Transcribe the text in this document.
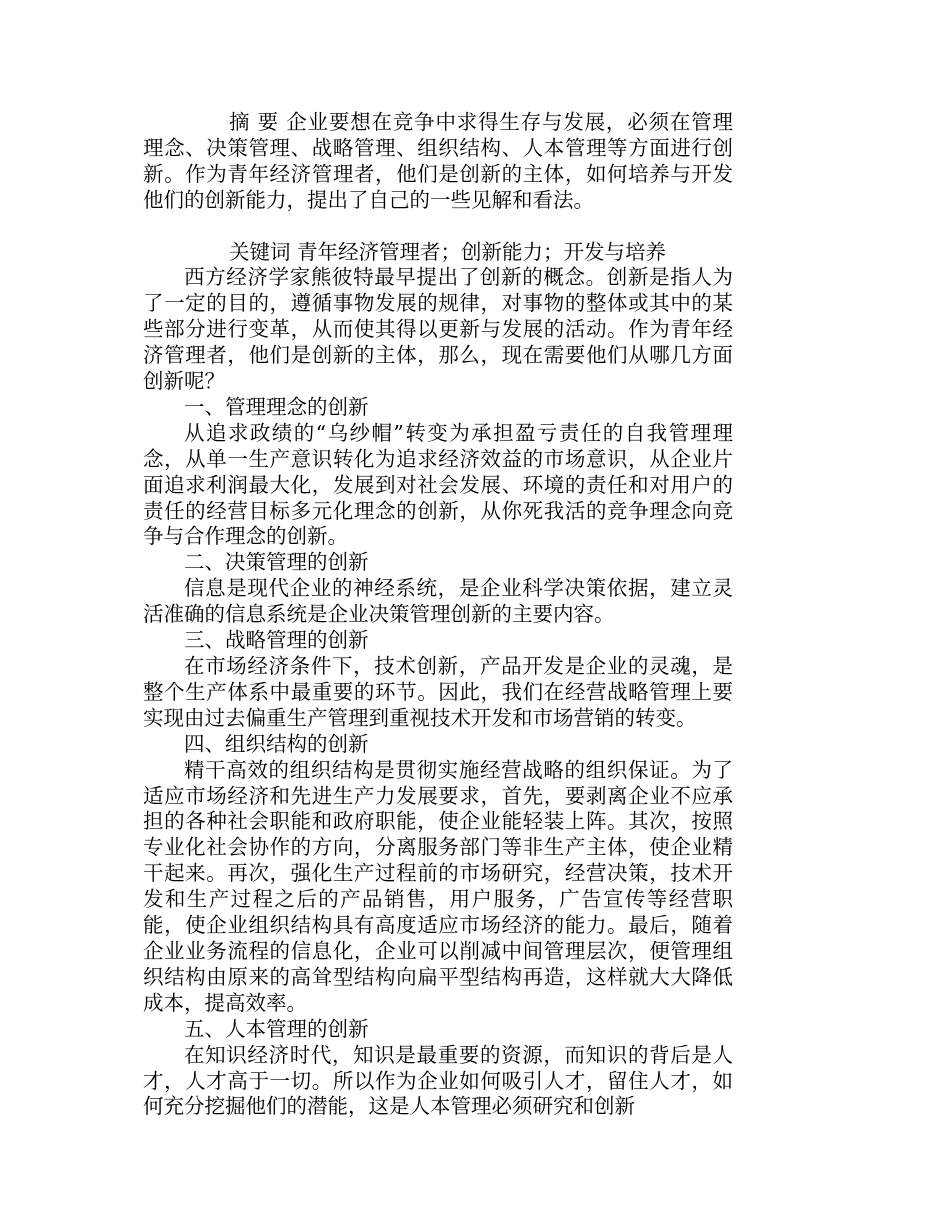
摘 要 企业要想在竞争中求得生存与发展，必须在管理理念、决策管理、战略管理、组织结构、人本管理等方面进行创新。作为青年经济管理者，他们是创新的主体，如何培养与开发他们的创新能力，提出了自己的一些见解和看法。

关键词 青年经济管理者；创新能力；开发与培养

西方经济学家熊彼特最早提出了创新的概念。创新是指人为了一定的目的，遵循事物发展的规律，对事物的整体或其中的某些部分进行变革，从而使其得以更新与发展的活动。作为青年经济管理者，他们是创新的主体，那么，现在需要他们从哪几方面创新呢？

一、管理理念的创新

从追求政绩的“乌纱帽”转变为承担盈亏责任的自我管理理念，从单一生产意识转化为追求经济效益的市场意识，从企业片面追求利润最大化，发展到对社会发展、环境的责任和对用户的责任的经营目标多元化理念的创新，从你死我活的竞争理念向竞争与合作理念的创新。

二、决策管理的创新

信息是现代企业的神经系统，是企业科学决策依据，建立灵活准确的信息系统是企业决策管理创新的主要内容。

三、战略管理的创新

在市场经济条件下，技术创新，产品开发是企业的灵魂，是整个生产体系中最重要的环节。因此，我们在经营战略管理上要实现由过去偏重生产管理到重视技术开发和市场营销的转变。

四、组织结构的创新

精干高效的组织结构是贯彻实施经营战略的组织保证。为了适应市场经济和先进生产力发展要求，首先，要剥离企业不应承担的各种社会职能和政府职能，使企业能轻装上阵。其次，按照专业化社会协作的方向，分离服务部门等非生产主体，使企业精干起来。再次，强化生产过程前的市场研究，经营决策，技术开发和生产过程之后的产品销售，用户服务，广告宣传等经营职能，使企业组织结构具有高度适应市场经济的能力。最后，随着企业业务流程的信息化，企业可以削减中间管理层次，便管理组织结构由原来的高耸型结构向扁平型结构再造，这样就大大降低成本，提高效率。

五、人本管理的创新

在知识经济时代，知识是最重要的资源，而知识的背后是人才，人才高于一切。所以作为企业如何吸引人才，留住人才，如何充分挖掘他们的潜能，这是人本管理必须研究和创新
